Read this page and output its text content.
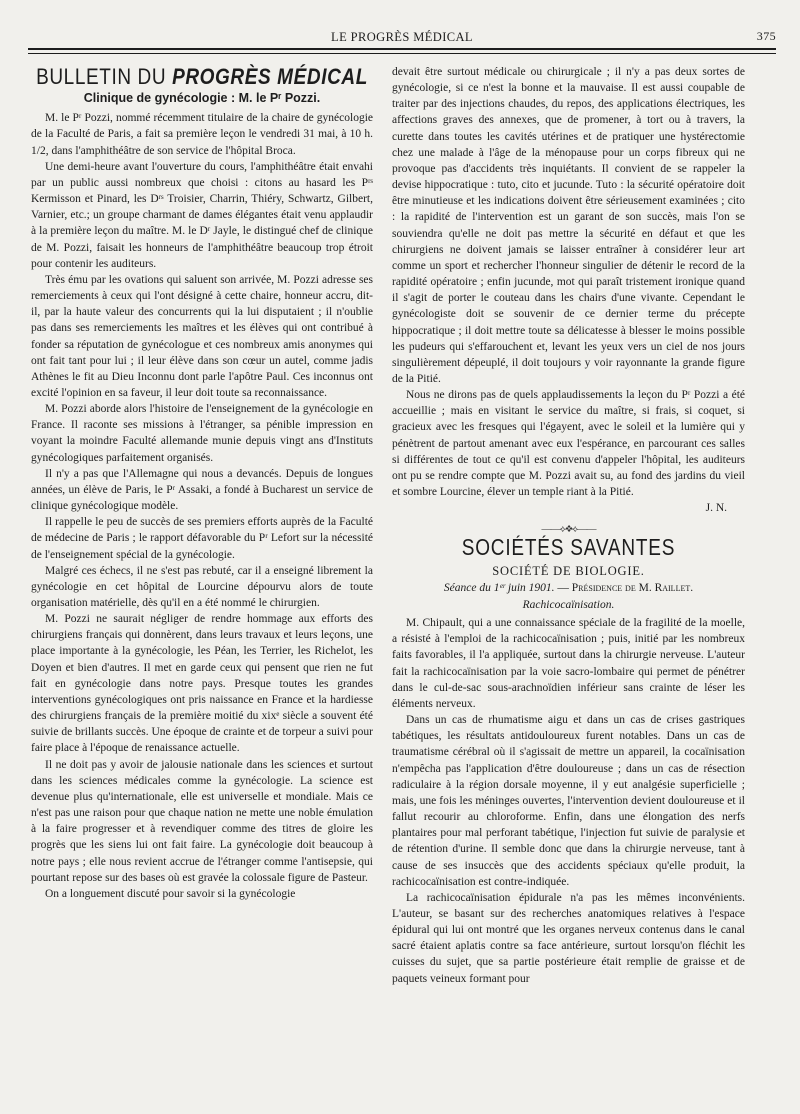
LE PROGRÈS MÉDICAL	375
BULLETIN DU PROGRÈS MÉDICAL
Clinique de gynécologie : M. le Pʳ Pozzi.

M. le Pʳ Pozzi, nommé récemment titulaire de la chaire de gynécologie de la Faculté de Paris, a fait sa première leçon le vendredi 31 mai, à 10 h. 1/2, dans l'amphithéâtre de son service de l'hôpital Broca.

Une demi-heure avant l'ouverture du cours, l'amphithéâtre était envahi par un public aussi nombreux que choisi : citons au hasard les Pʳˢ Kermisson et Pinard, les Dʳˢ Troisier, Charrin, Thiéry, Schwartz, Gilbert, Varnier, etc.; un groupe charmant de dames élégantes était venu applaudir à la première leçon du maître. M. le Dʳ Jayle, le distingué chef de clinique de M. Pozzi, faisait les honneurs de l'amphithéâtre beaucoup trop étroit pour contenir les auditeurs.

Très ému par les ovations qui saluent son arrivée, M. Pozzi adresse ses remerciements à ceux qui l'ont désigné à cette chaire, honneur accru, dit-il, par la haute valeur des concurrents qui la lui disputaient ; il n'oublie pas dans ses remerciements les maîtres et les élèves qui ont contribué à fonder sa réputation de gynécologue et ces nombreux amis anonymes qui ont fait tant pour lui ; il leur élève dans son cœur un autel, comme jadis Athènes le fit au Dieu Inconnu dont parle l'apôtre Paul. Ces inconnus ont excité l'opinion en sa faveur, il leur doit toute sa reconnaissance.

M. Pozzi aborde alors l'histoire de l'enseignement de la gynécologie en France. Il raconte ses missions à l'étranger, sa pénible impression en voyant la moindre Faculté allemande munie depuis vingt ans d'Instituts gynécologiques parfaitement organisés.

Il n'y a pas que l'Allemagne qui nous a devancés. Depuis de longues années, un élève de Paris, le Pʳ Assaki, a fondé à Bucharest un service de clinique gynécologique modèle.

Il rappelle le peu de succès de ses premiers efforts auprès de la Faculté de médecine de Paris ; le rapport défavorable du Pʳ Lefort sur la nécessité de l'enseignement spécial de la gynécologie.

Malgré ces échecs, il ne s'est pas rebuté, car il a enseigné librement la gynécologie en cet hôpital de Lourcine dépourvu alors de toute organisation matérielle, dès qu'il en a été nommé le chirurgien.

M. Pozzi ne saurait négliger de rendre hommage aux efforts des chirurgiens français qui donnèrent, dans leurs travaux et leurs leçons, une place importante à la gynécologie, les Péan, les Terrier, les Richelot, les Doyen et bien d'autres. Il met en garde ceux qui pensent que rien ne fut fait en gynécologie dans notre pays. Presque toutes les grandes interventions gynécologiques ont pris naissance en France et la hardiesse des chirurgiens français de la première moitié du xixᵉ siècle a souvent été suivie de brillants succès. Une époque de crainte et de torpeur a suivi pour faire place à l'époque de renaissance actuelle.

Il ne doit pas y avoir de jalousie nationale dans les sciences et surtout dans les sciences médicales comme la gynécologie. La science est devenue plus qu'internationale, elle est universelle et mondiale. Mais ce n'est pas une raison pour que chaque nation ne mette une noble émulation à la faire progresser et à revendiquer comme des titres de gloire les progrès que les siens lui ont fait faire. La gynécologie doit beaucoup à notre pays ; elle nous revient accrue de l'étranger comme l'antisepsie, qui pourtant repose sur des bases où est gravée la colossale figure de Pasteur.

On a longuement discuté pour savoir si la gynécologie

devait être surtout médicale ou chirurgicale ; il n'y a pas deux sortes de gynécologie, si ce n'est la bonne et la mauvaise. Il est aussi coupable de traiter par des injections chaudes, du repos, des applications électriques, les affections graves des annexes, que de promener, à tort ou à travers, la curette dans toutes les cavités utérines et de pratiquer une hystérectomie chez une malade à l'âge de la ménopause pour un corps fibreux qui ne provoque pas d'accidents très inquiétants. Il convient de se rappeler la devise hippocratique : tuto, cito et jucunde. Tuto : la sécurité opératoire doit être minutieuse et les indications doivent être sérieusement examinées ; cito : la rapidité de l'intervention est un garant de son succès, mais l'on se souviendra qu'elle ne doit pas mettre la sécurité en défaut et que les chirurgiens ne doivent jamais se laisser entraîner à considérer leur art comme un sport et rechercher l'honneur singulier de détenir le record de la rapidité opératoire ; enfin jucunde, mot qui paraît tristement ironique quand il s'agit de porter le couteau dans les chairs d'une vivante. Cependant le gynécologiste doit se souvenir de ce dernier terme du précepte hippocratique ; il doit mettre toute sa délicatesse à blesser le moins possible les pudeurs qui s'effarouchent et, levant les yeux vers un ciel de nos jours singulièrement dépeuplé, il doit toujours y voir rayonnante la grande figure de la Pitié.

Nous ne dirons pas de quels applaudissements la leçon du Pʳ Pozzi a été accueillie ; mais en visitant le service du maître, si frais, si coquet, si gracieux avec les fresques qui l'égayent, avec le soleil et la lumière qui y pénètrent de partout amenant avec eux l'espérance, en parcourant ces salles si différentes de tout ce qu'il est convenu d'appeler l'hôpital, les auditeurs ont pu se rendre compte que M. Pozzi avait su, au fond des jardins du vieil et sombre Lourcine, élever un temple riant à la Pitié.

J. N.
——⟡❖⟡——
SOCIÉTÉS SAVANTES
SOCIÉTÉ DE BIOLOGIE.
Séance du 1ᵉʳ juin 1901. — Présidence de M. Raillet.
Rachicocaïnisation.

M. Chipault, qui a une connaissance spéciale de la fragilité de la moelle, a résisté à l'emploi de la rachicocaïnisation ; puis, initié par les nombreux faits favorables, il l'a appliquée, surtout dans la chirurgie nerveuse. L'auteur fait la rachicocaïnisation par la voie sacro-lombaire qui permet de pénétrer dans le cul-de-sac sous-arachnoïdien inférieur sans crainte de léser les éléments nerveux.

Dans un cas de rhumatisme aigu et dans un cas de crises gastriques tabétiques, les résultats antidouloureux furent notables. Dans un cas de traumatisme cérébral où il s'agissait de mettre un appareil, la cocaïnisation n'empêcha pas l'application d'être douloureuse ; dans un cas de résection radiculaire à la région dorsale moyenne, il y eut analgésie superficielle ; mais, une fois les méninges ouvertes, l'intervention devient douloureuse et il fallut recourir au chloroforme. Enfin, dans une élongation des nerfs plantaires pour mal perforant tabétique, l'injection fut suivie de paralysie et de rétention d'urine. Il semble donc que dans la chirurgie nerveuse, tant à cause de ses insuccès que des accidents spéciaux qu'elle produit, la rachicocaïnisation est contre-indiquée.

La rachicocaïnisation épidurale n'a pas les mêmes inconvénients. L'auteur, se basant sur des recherches anatomiques relatives à l'espace épidural qui lui ont montré que les organes nerveux contenus dans le canal sacré étaient aplatis contre sa face antérieure, surtout lorsqu'on fléchit les cuisses du sujet, que sa partie postérieure était remplie de graisse et de paquets veineux formant pour
